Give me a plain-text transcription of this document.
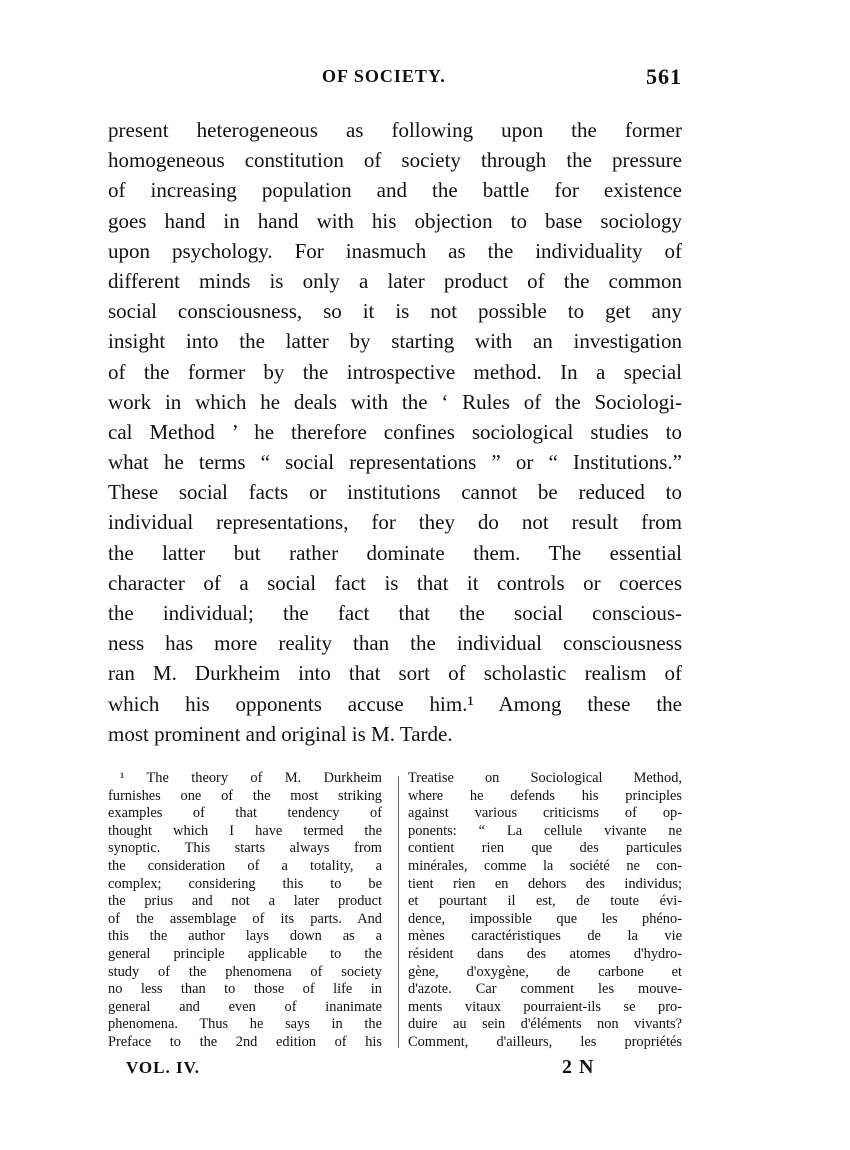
OF SOCIETY.	561
present heterogeneous as following upon the former
homogeneous constitution of society through the pressure
of increasing population and the battle for existence
goes hand in hand with his objection to base sociology
upon psychology. For inasmuch as the individuality of
different minds is only a later product of the common
social consciousness, so it is not possible to get any
insight into the latter by starting with an investigation
of the former by the introspective method. In a special
work in which he deals with the ‘ Rules of the Sociologi-
cal Method ’ he therefore confines sociological studies to
what he terms “ social representations ” or “ Institutions.”
These social facts or institutions cannot be reduced to
individual representations, for they do not result from
the latter but rather dominate them. The essential
character of a social fact is that it controls or coerces
the individual; the fact that the social conscious-
ness has more reality than the individual consciousness
ran M. Durkheim into that sort of scholastic realism of
which his opponents accuse him.¹ Among these the
most prominent and original is M. Tarde.
¹ The theory of M. Durkheim
furnishes one of the most striking
examples of that tendency of
thought which I have termed the
synoptic. This starts always from
the consideration of a totality, a
complex; considering this to be
the prius and not a later product
of the assemblage of its parts. And
this the author lays down as a
general principle applicable to the
study of the phenomena of society
no less than to those of life in
general and even of inanimate
phenomena. Thus he says in the
Preface to the 2nd edition of his
Treatise on Sociological Method,
where he defends his principles
against various criticisms of op-
ponents: “ La cellule vivante ne
contient rien que des particules
minérales, comme la société ne con-
tient rien en dehors des individus;
et pourtant il est, de toute évi-
dence, impossible que les phéno-
mènes caractéristiques de la vie
résident dans des atomes d'hydro-
gène, d'oxygène, de carbone et
d'azote. Car comment les mouve-
ments vitaux pourraient-ils se pro-
duire au sein d'éléments non vivants?
Comment, d'ailleurs, les propriétés
VOL. IV.	2 N
